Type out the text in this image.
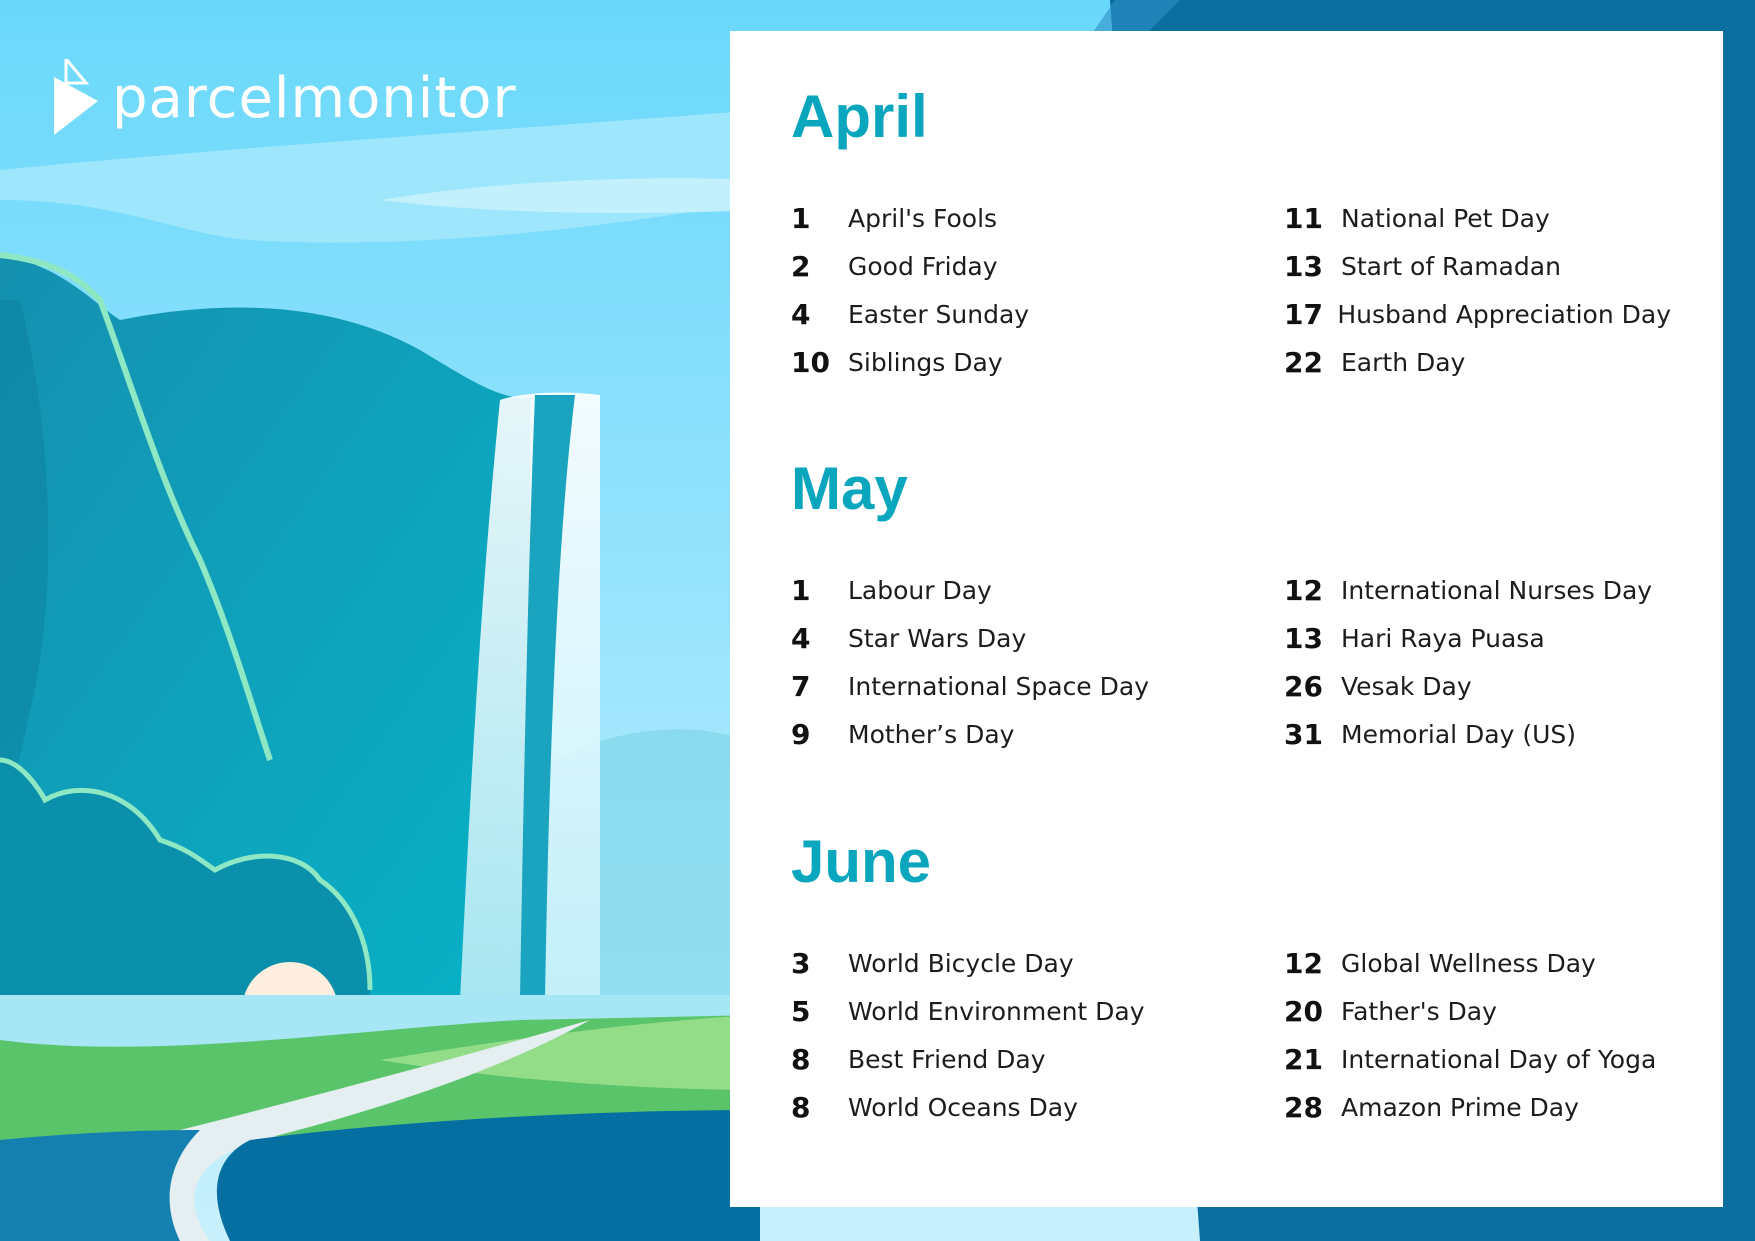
parcelmonitor	April
1	April's Fools
2	Good Friday
4	Easter Sunday
10 Siblings Day
11 National Pet Day
13 Start of Ramadan
17 Husband Appreciation Day
22 Earth Day
May
1	Labour Day
4	Star Wars Day
7	International Space Day
9	Mother’s Day
12 International Nurses Day
13 Hari Raya Puasa
26 Vesak Day
31 Memorial Day (US)
June
3	World Bicycle Day
5	World Environment Day
8	Best Friend Day
8	World Oceans Day
12 Global Wellness Day
20 Father's Day
21 International Day of Yoga
28 Amazon Prime Day
